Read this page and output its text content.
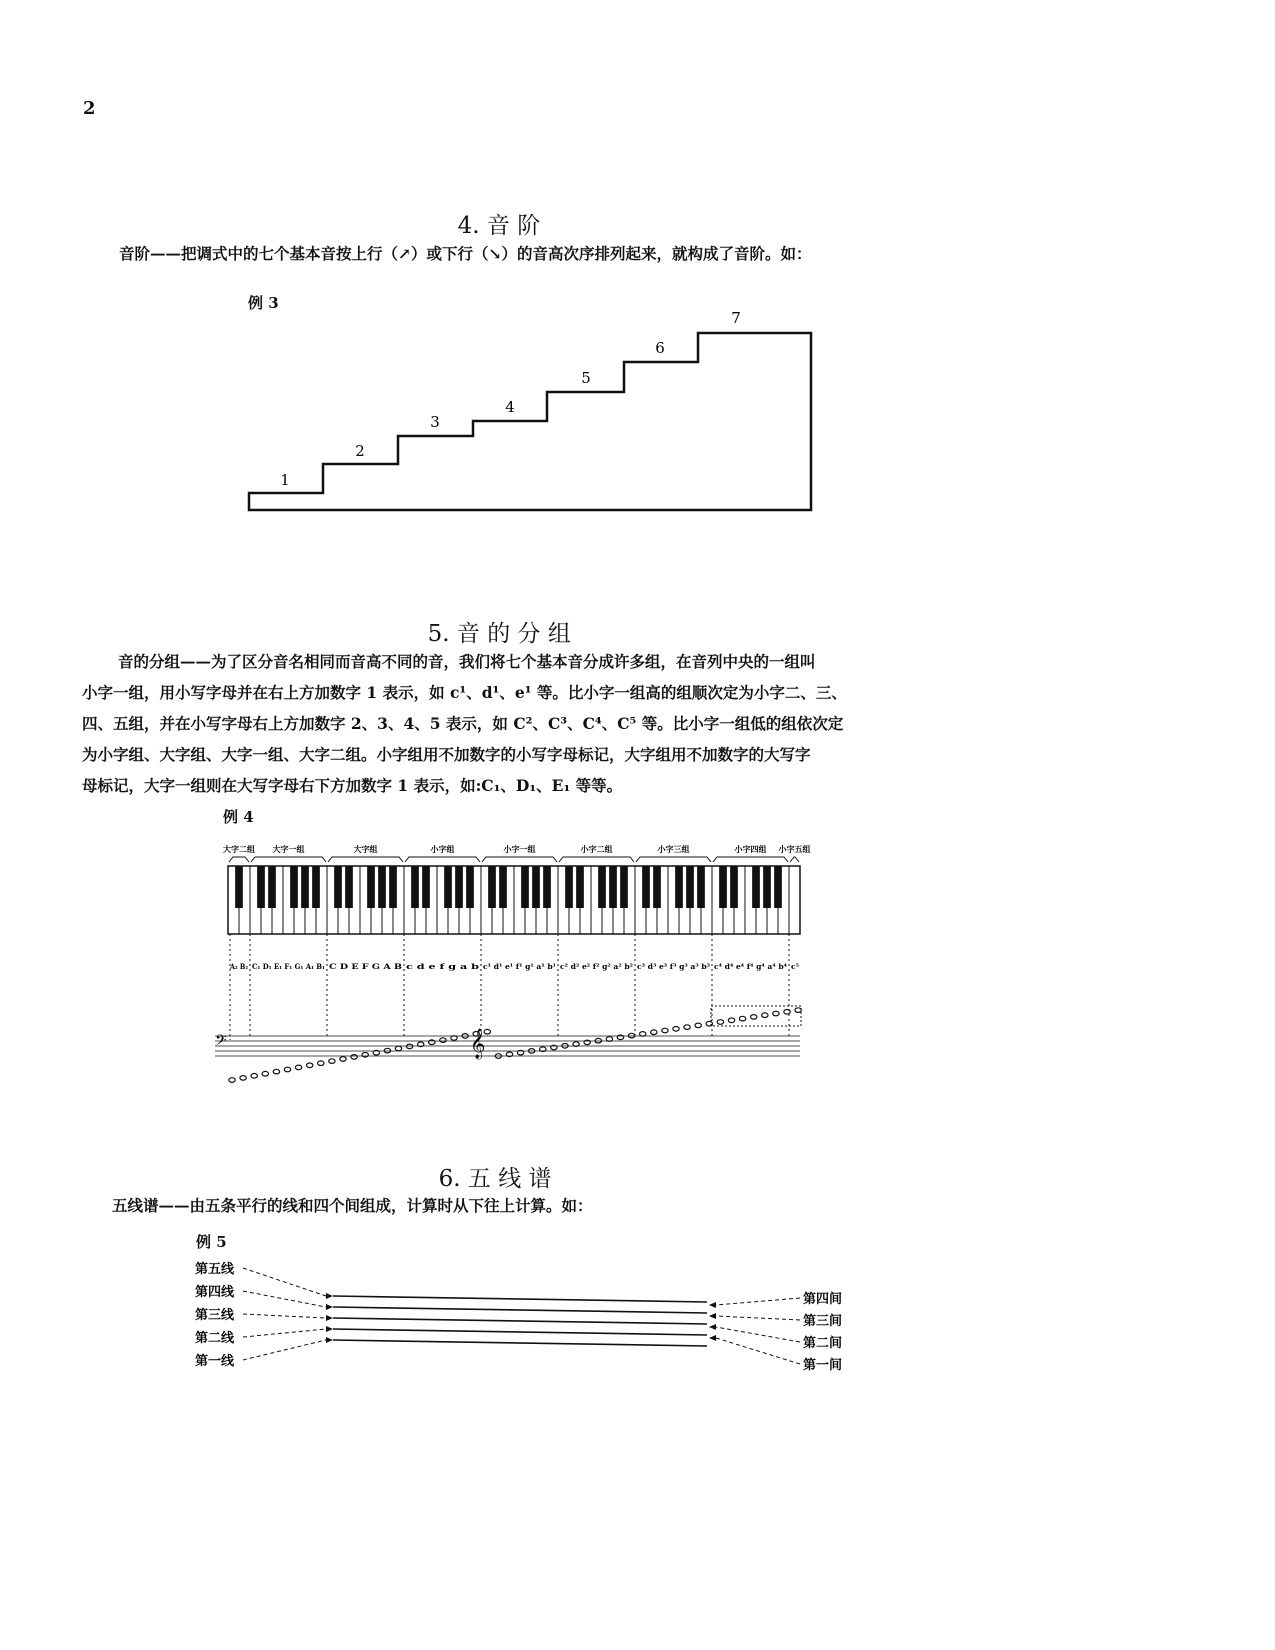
2

4. 音 阶

音阶——把调式中的七个基本音按上行（↗）或下行（↘）的音高次序排列起来，就构成了音阶。如：
例 3
1
2
3
4
5
6
7

5. 音 的 分 组

音的分组——为了区分音名相同而音高不同的音，我们将七个基本音分成许多组，在音列中央的一组叫
小字一组，用小写字母并在右上方加数字 1 表示，如 c¹、d¹、e¹ 等。比小字一组高的组顺次定为小字二、三、
四、五组，并在小写字母右上方加数字 2、3、4、5 表示，如 C²、C³、C⁴、C⁵ 等。比小字一组低的组依次定
为小字组、大字组、大字一组、大字二组。小字组用不加数字的小写字母标记，大字组用不加数字的大写字
母标记，大字一组则在大写字母右下方加数字 1 表示，如:C₁、D₁、E₁ 等等。
例 4
大字二组 大字一组	大字组	小字组	小字一组	小字二组	小字三组	小字四组 小字五组
A₂ B₂ C₁ D₁ E₁ F₁ G₁ A₁ B₁ C D E F G A B c d e f g a b c¹ d¹ e¹ f¹ g¹ a¹ b¹ c² d² e² f² g² a² b² c³ d³ e³ f³ g³ a³ b³ c⁴ d⁴ e⁴ f⁴ g⁴ a⁴ b⁴ c⁵
𝄢	𝄞

6. 五 线 谱

五线谱——由五条平行的线和四个间组成，计算时从下往上计算。如：
例 5
第五线
第四线
第三线
第二线
第一线
第四间
第三间
第二间
第一间
